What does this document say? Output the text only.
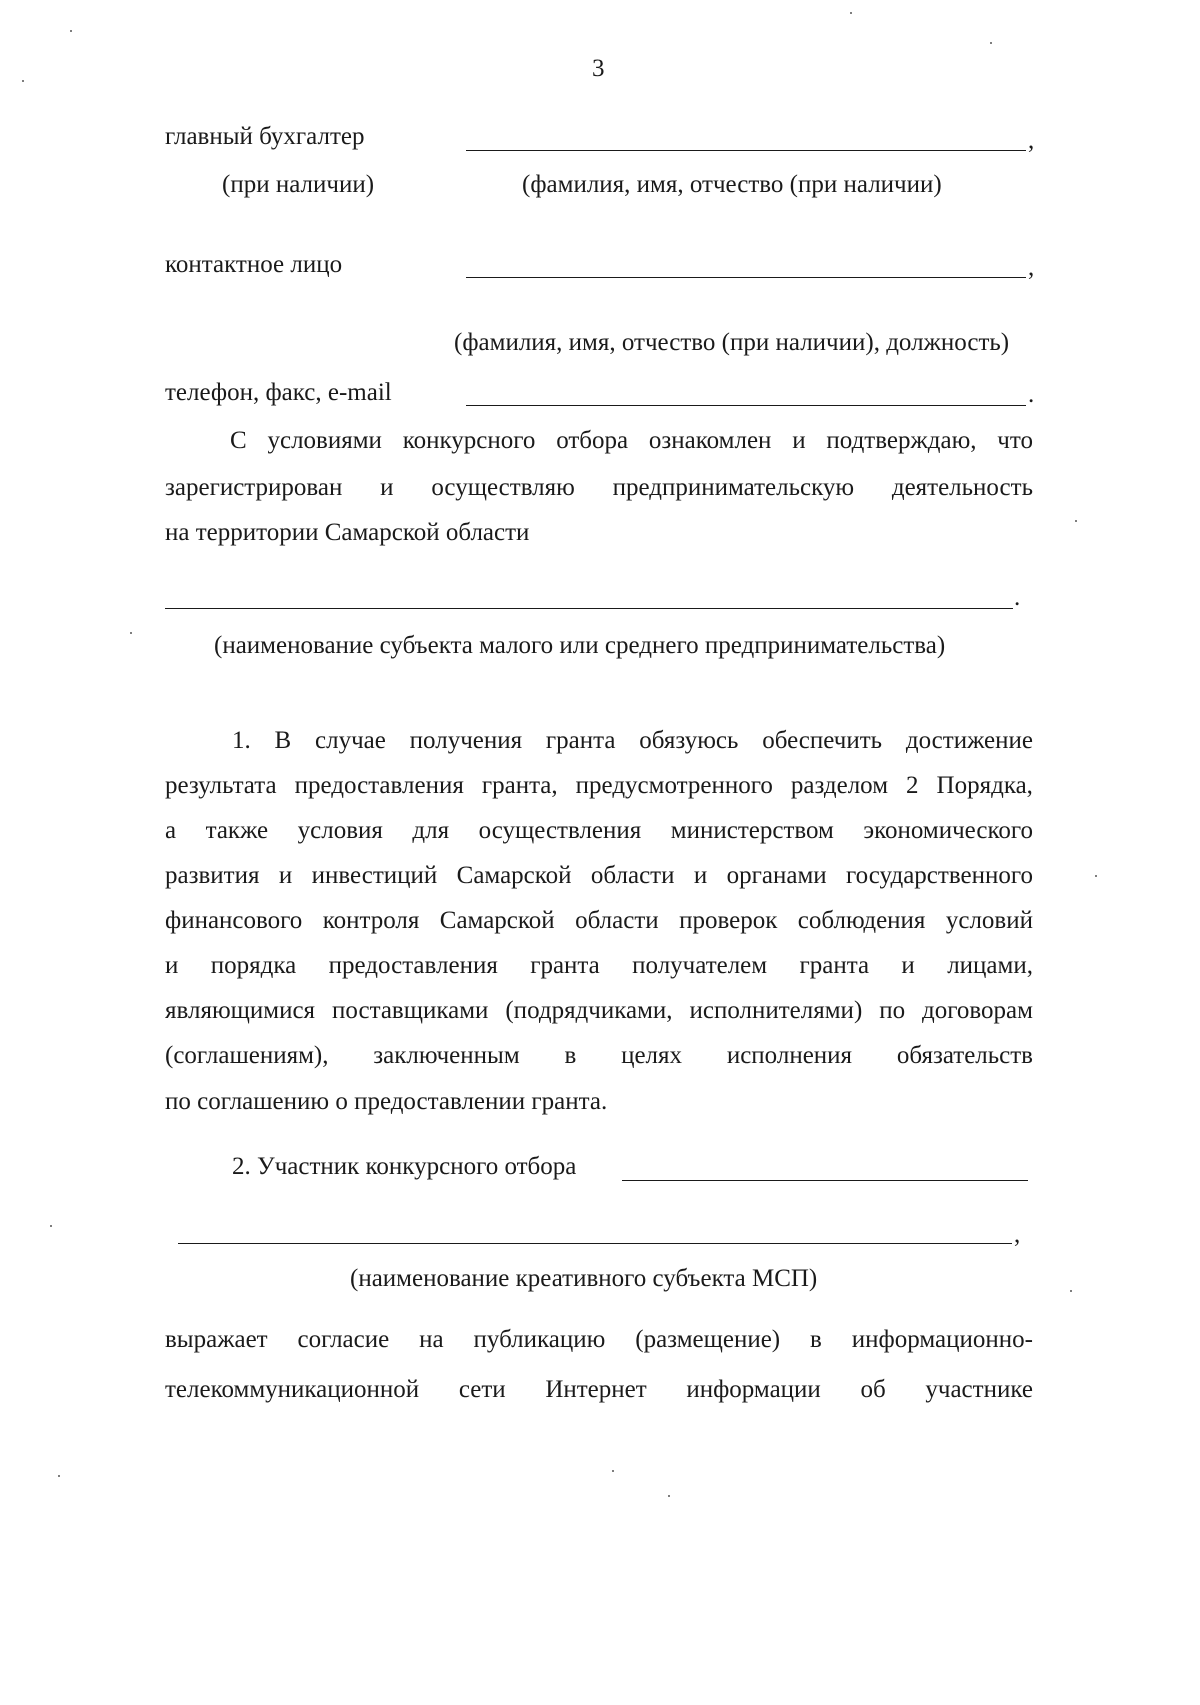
3
главный бухгалтер	,
(при наличии)	(фамилия, имя, отчество (при наличии)
контактное лицо	,
(фамилия, имя, отчество (при наличии), должность)
телефон, факс, e-mail	.
С условиями конкурсного отбора ознакомлен и подтверждаю, что
зарегистрирован и осуществляю предпринимательскую деятельность
на территории Самарской области
.
(наименование субъекта малого или среднего предпринимательства)
1. В случае получения гранта обязуюсь обеспечить достижение
результата предоставления гранта, предусмотренного разделом 2 Порядка,
а также условия для осуществления министерством экономического
развития и инвестиций Самарской области и органами государственного
финансового контроля Самарской области проверок соблюдения условий
и порядка предоставления гранта получателем гранта и лицами,
являющимися поставщиками (подрядчиками, исполнителями) по договорам
(соглашениям), заключенным в целях исполнения обязательств
по соглашению о предоставлении гранта.
2. Участник конкурсного отбора
,
(наименование креативного субъекта МСП)
выражает согласие на публикацию (размещение) в информационно-
телекоммуникационной сети Интернет информации об участнике
